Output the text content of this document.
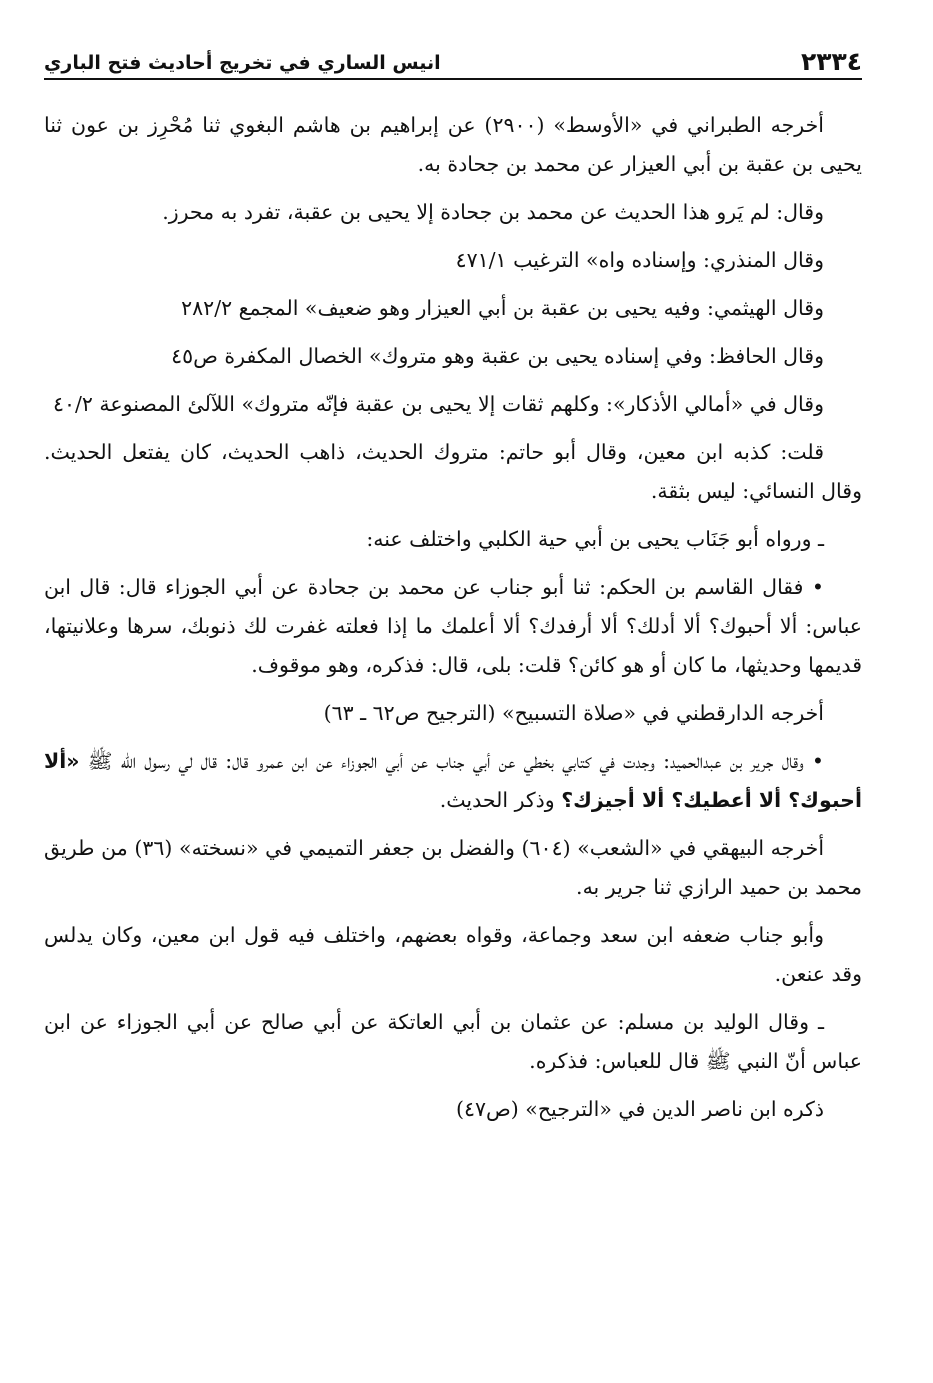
٢٣٣٤
انيس الساري في تخريج أحاديث فتح الباري

أخرجه الطبراني في «الأوسط» (٢٩٠٠) عن إبراهيم بن هاشم البغوي ثنا مُحْرِز بن عون ثنا يحيى بن عقبة بن أبي العيزار عن محمد بن جحادة به.

وقال: لم يَرو هذا الحديث عن محمد بن جحادة إلا يحيى بن عقبة، تفرد به محرز.

وقال المنذري: وإسناده واه» الترغيب ٤٧١/١

وقال الهيثمي: وفيه يحيى بن عقبة بن أبي العيزار وهو ضعيف» المجمع ٢٨٢/٢

وقال الحافظ: وفي إسناده يحيى بن عقبة وهو متروك» الخصال المكفرة ص٤٥

وقال في «أمالي الأذكار»: وكلهم ثقات إلا يحيى بن عقبة فإنّه متروك» اللآلئ المصنوعة ٤٠/٢

قلت: كذبه ابن معين، وقال أبو حاتم: متروك الحديث، ذاهب الحديث، كان يفتعل الحديث. وقال النسائي: ليس بثقة.

ـ ورواه أبو جَنَاب يحيى بن أبي حية الكلبي واختلف عنه:

• فقال القاسم بن الحكم: ثنا أبو جناب عن محمد بن جحادة عن أبي الجوزاء قال: قال ابن عباس: ألا أحبوك؟ ألا أدلك؟ ألا أرفدك؟ ألا أعلمك ما إذا فعلته غفرت لك ذنوبك، سرها وعلانيتها، قديمها وحديثها، ما كان أو هو كائن؟ قلت: بلى، قال: فذكره، وهو موقوف.

أخرجه الدارقطني في «صلاة التسبيح» (الترجيح ص٦٢ ـ ٦٣)

• وقال جرير بن عبدالحميد: وجدت في كتابي بخطي عن أبي جناب عن أبي الجوزاء عن ابن عمرو قال: قال لي رسول الله ﷺ «ألا أحبوك؟ ألا أعطيك؟ ألا أجيزك؟ وذكر الحديث.

أخرجه البيهقي في «الشعب» (٦٠٤) والفضل بن جعفر التميمي في «نسخته» (٣٦) من طريق محمد بن حميد الرازي ثنا جرير به.

وأبو جناب ضعفه ابن سعد وجماعة، وقواه بعضهم، واختلف فيه قول ابن معين، وكان يدلس وقد عنعن.

ـ وقال الوليد بن مسلم: عن عثمان بن أبي العاتكة عن أبي صالح عن أبي الجوزاء عن ابن عباس أنّ النبي ﷺ قال للعباس: فذكره.

ذكره ابن ناصر الدين في «الترجيح» (ص٤٧)
